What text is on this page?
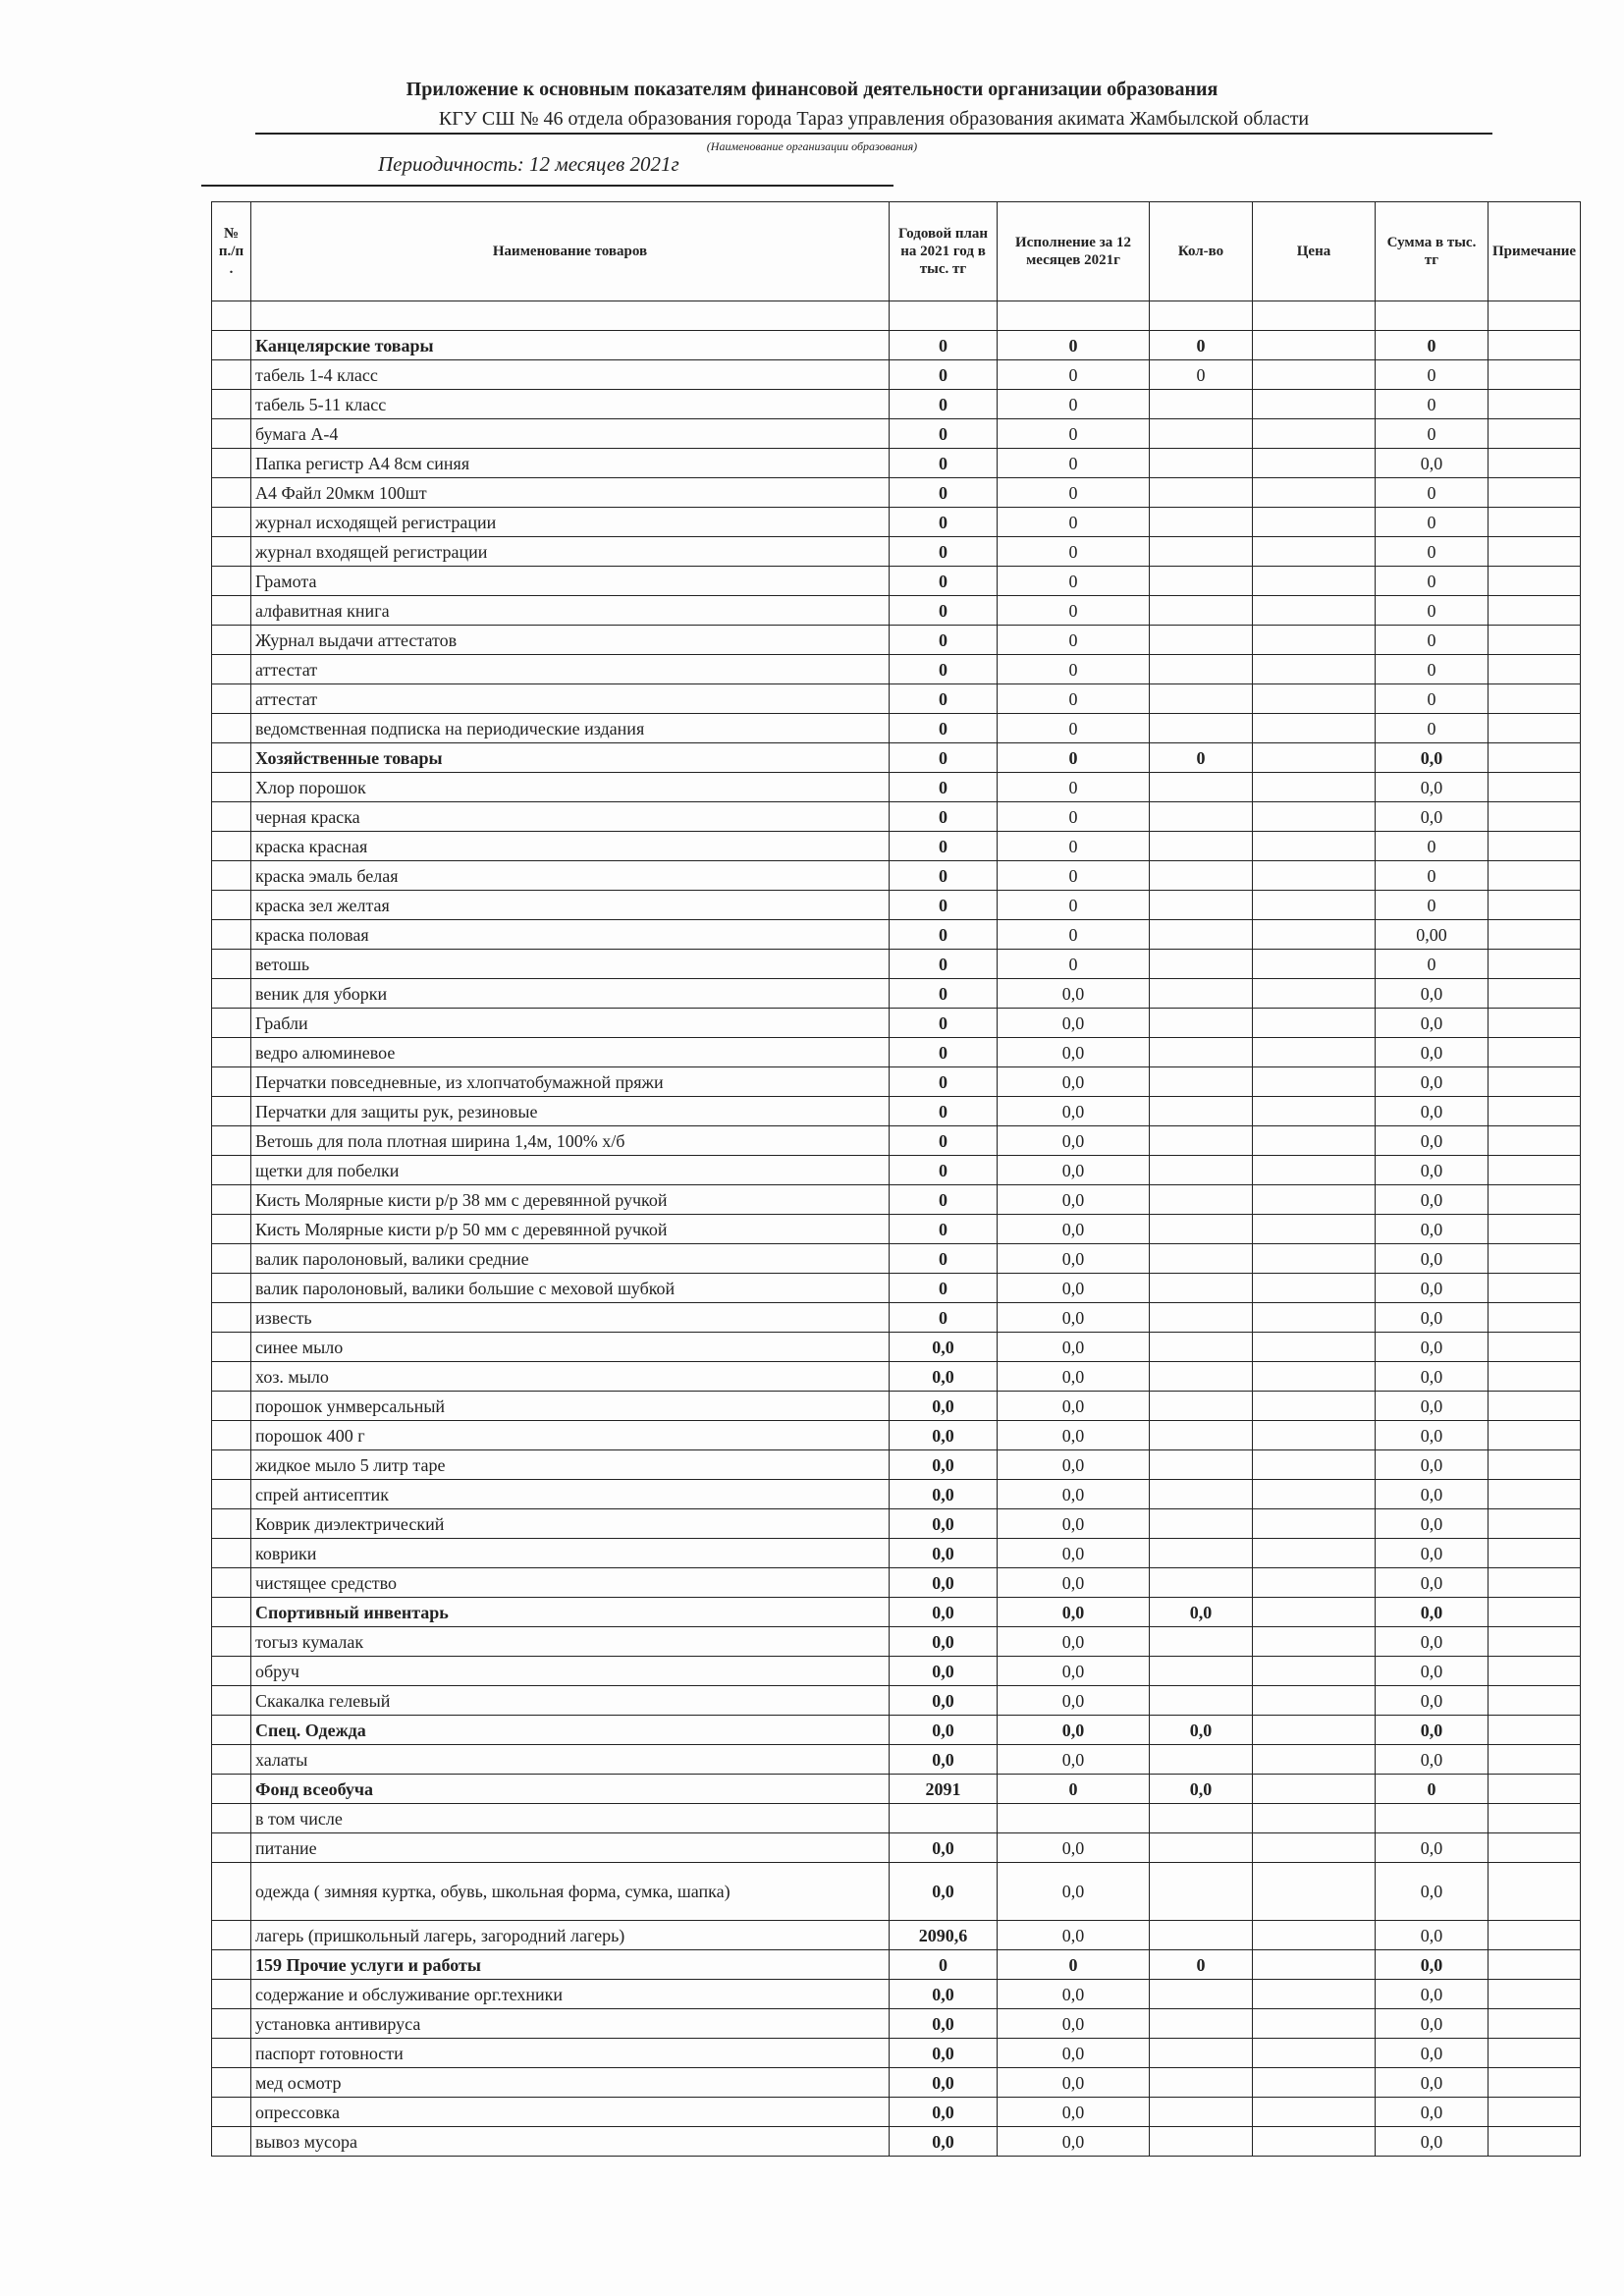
Приложение к основным показателям финансовой деятельности организации образования
КГУ СШ № 46 отдела образования города Тараз управления образования акимата Жамбылской области
(Наименование организации образования)
Периодичность: 12 месяцев 2021г
№ п./п .	Наименование товаров	Годовой план на 2021 год в тыс. тг	Исполнение за 12 месяцев 2021г	Кол-во	Цена	Сумма в тыс. тг	Примечание

	Канцелярские товары	0	0	0		0	
	табель 1-4 класс	0	0	0		0	
	табель 5-11 класс	0	0			0	
	бумага А-4	0	0			0	
	Папка регистр А4 8см синяя	0	0			0,0	
	А4 Файл 20мкм 100шт	0	0			0	
	журнал исходящей регистрации	0	0			0	
	журнал входящей регистрации	0	0			0	
	Грамота	0	0			0	
	алфавитная книга	0	0			0	
	Журнал выдачи аттестатов	0	0			0	
	аттестат	0	0			0	
	аттестат	0	0			0	
	ведомственная подписка на периодические издания	0	0			0	
	Хозяйственные товары	0	0	0		0,0	
	Хлор порошок	0	0			0,0	
	черная краска	0	0			0,0	
	краска красная	0	0			0	
	краска эмаль белая	0	0			0	
	краска зел желтая	0	0			0	
	краска половая	0	0			0,00	
	ветошь	0	0			0	
	веник для уборки	0	0,0			0,0	
	Грабли	0	0,0			0,0	
	ведро алюминевое	0	0,0			0,0	
	Перчатки повседневные, из хлопчатобумажной пряжи	0	0,0			0,0	
	Перчатки для защиты рук, резиновые	0	0,0			0,0	
	Ветошь для пола плотная ширина 1,4м, 100% х/б	0	0,0			0,0	
	щетки для побелки	0	0,0			0,0	
	Кисть Молярные кисти р/р 38 мм с деревянной ручкой	0	0,0			0,0	
	Кисть Молярные кисти р/р 50 мм с деревянной ручкой	0	0,0			0,0	
	валик паролоновый, валики средние	0	0,0			0,0	
	валик паролоновый, валики большие с меховой шубкой	0	0,0			0,0	
	известь	0	0,0			0,0	
	синее мыло	0,0	0,0			0,0	
	хоз. мыло	0,0	0,0			0,0	
	порошок унмверсальный	0,0	0,0			0,0	
	порошок 400 г	0,0	0,0			0,0	
	жидкое мыло 5 литр таре	0,0	0,0			0,0	
	спрей антисептик	0,0	0,0			0,0	
	Коврик диэлектрический	0,0	0,0			0,0	
	коврики	0,0	0,0			0,0	
	чистящее средство	0,0	0,0			0,0	
	Спортивный инвентарь	0,0	0,0	0,0		0,0	
	тогыз кумалак	0,0	0,0			0,0	
	обруч	0,0	0,0			0,0	
	Скакалка гелевый	0,0	0,0			0,0	
	Спец. Одежда	0,0	0,0	0,0		0,0	
	халаты	0,0	0,0			0,0	
	Фонд всеобуча	2091	0	0,0		0	
	в том числе						
	питание	0,0	0,0			0,0	
	одежда ( зимняя куртка, обувь, школьная форма, сумка, шапка)	0,0	0,0			0,0	
	лагерь (пришкольный лагерь, загородний лагерь)	2090,6	0,0			0,0	
	159 Прочие услуги и работы	0	0	0		0,0	
	содержание и обслуживание орг.техники	0,0	0,0			0,0	
	установка антивируса	0,0	0,0			0,0	
	паспорт готовности	0,0	0,0			0,0	
	мед осмотр	0,0	0,0			0,0	
	опрессовка	0,0	0,0			0,0	
	вывоз мусора	0,0	0,0			0,0	
